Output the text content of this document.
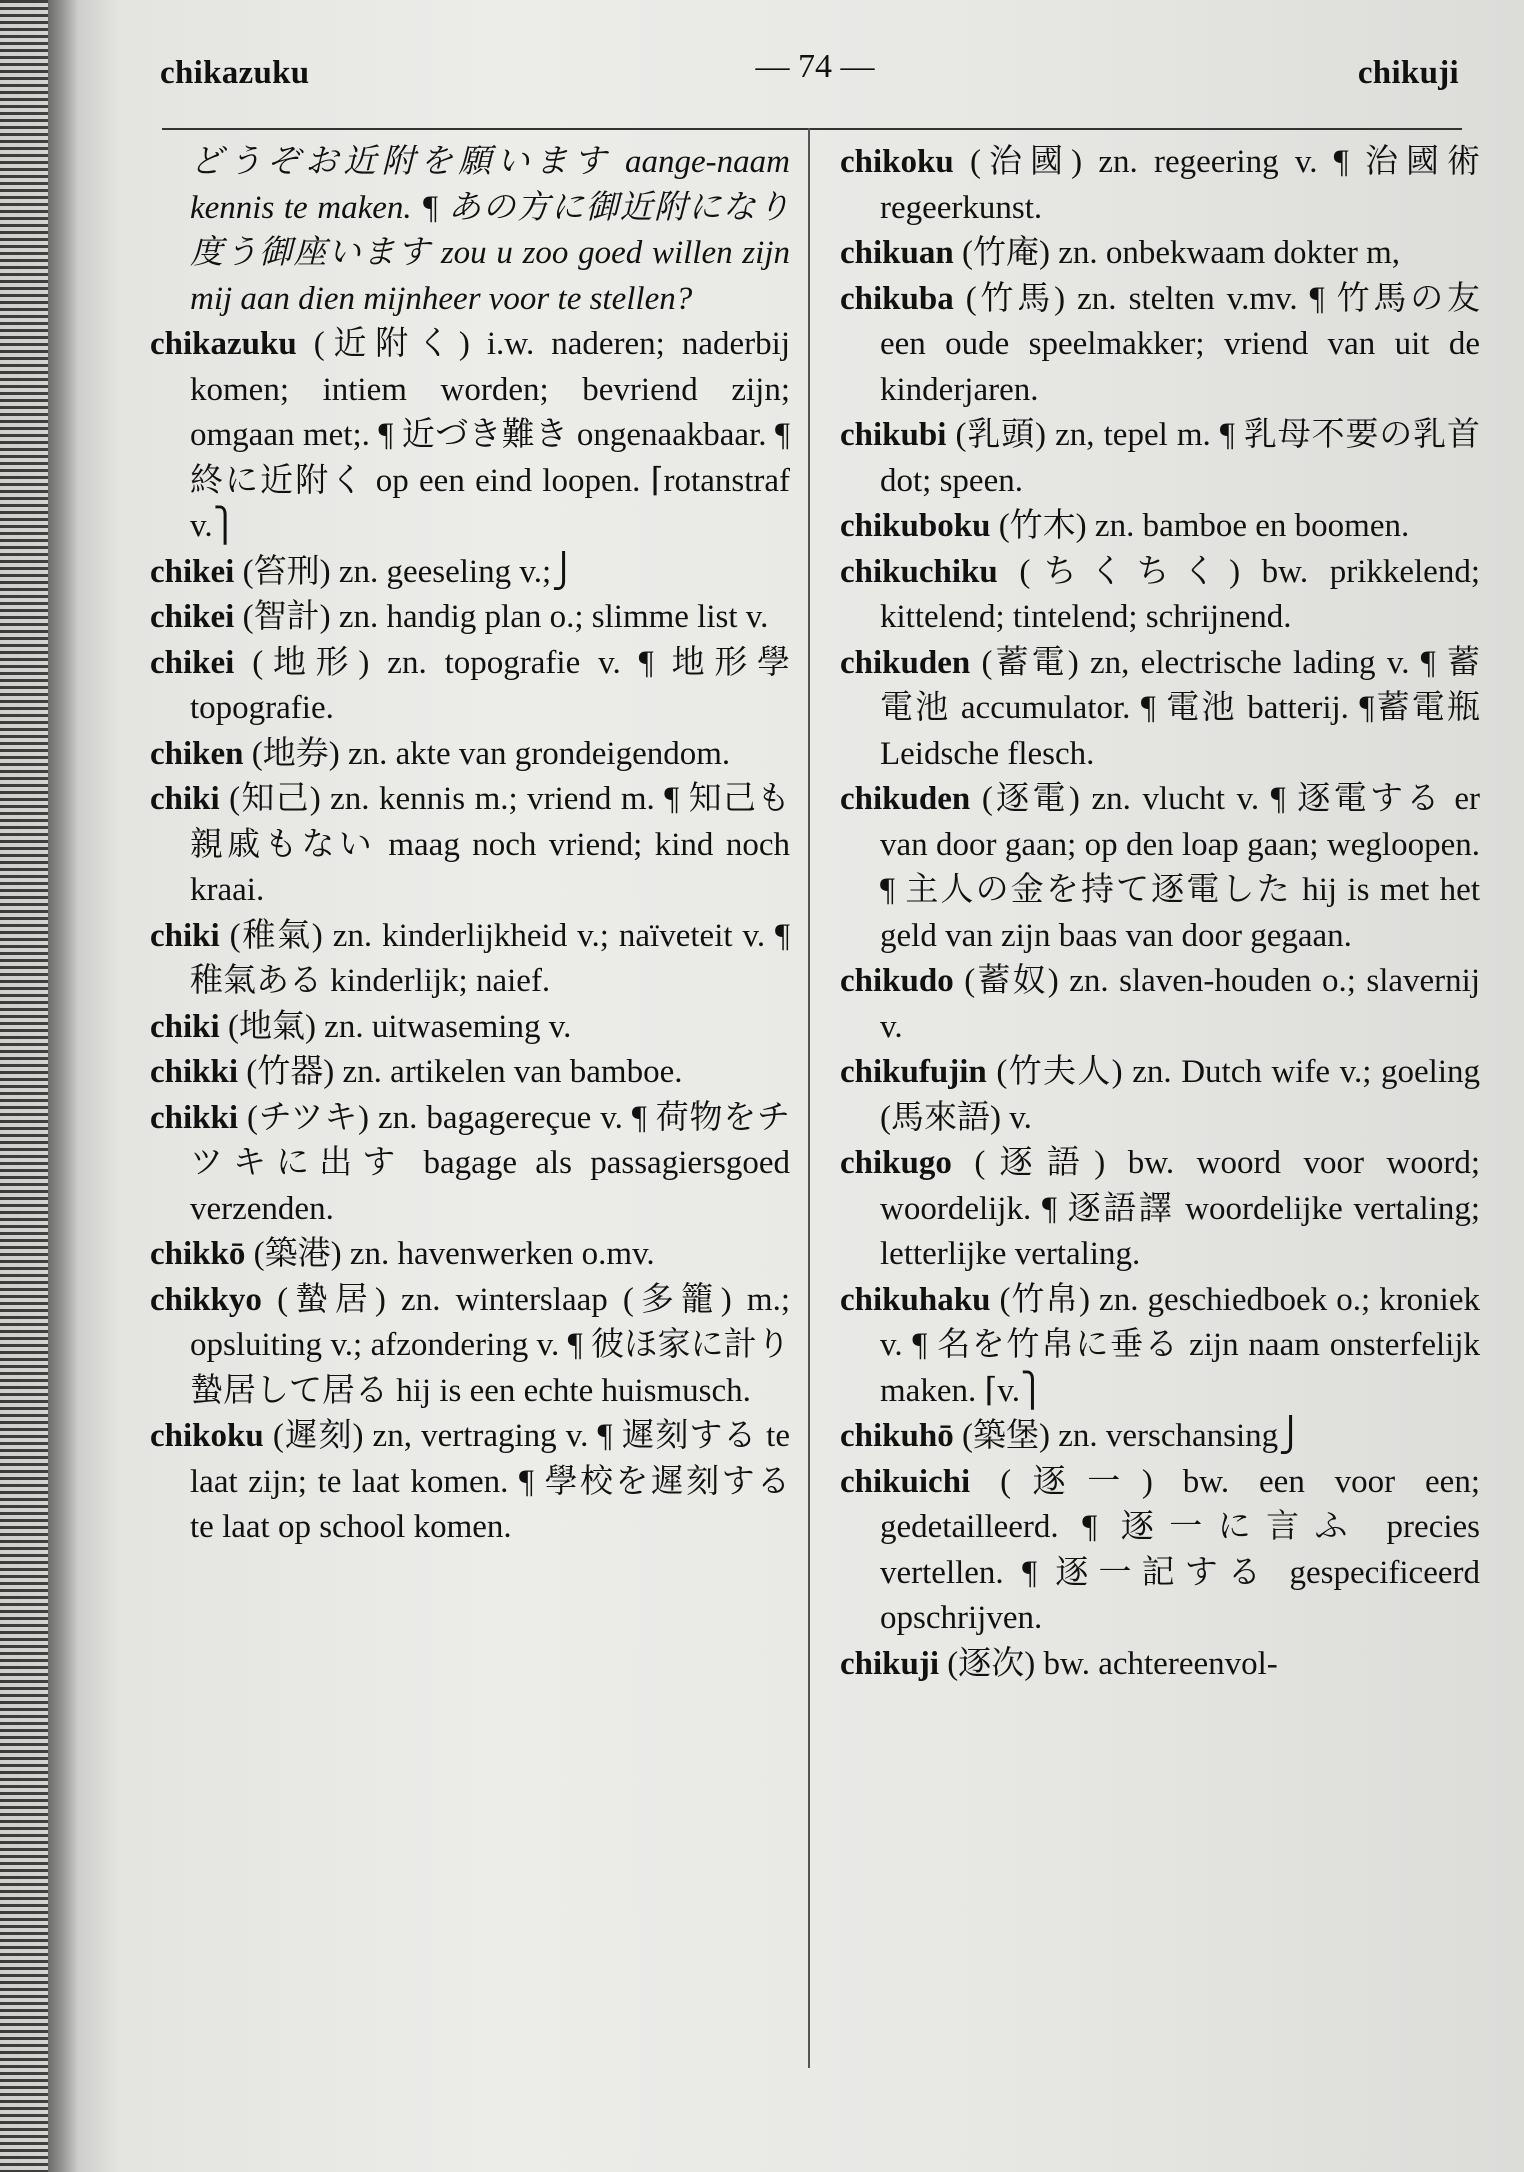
chikazuku	— 74 —	chikuji
どうぞお近附を願います aange-naam kennis te maken. ¶ あの方に御近附になり度う御座います zou u zoo goed willen zijn mij aan dien mijnheer voor te stellen?
chikazuku (近附く) i.w. naderen; naderbij komen; intiem worden; bevriend zijn; omgaan met;. ¶ 近づき難き ongenaakbaar. ¶ 終に近附く op een eind loopen. ⌈rotanstraf v.⎫
chikei (笞刑) zn. geeseling v.;⎭
chikei (智計) zn. handig plan o.; slimme list v.
chikei (地形) zn. topografie v. ¶ 地形學 topografie.
chiken (地券) zn. akte van grondeigendom.
chiki (知己) zn. kennis m.; vriend m. ¶ 知己も親戚もない maag noch vriend; kind noch kraai.
chiki (稚氣) zn. kinderlijkheid v.; naïveteit v. ¶ 稚氣ある kinderlijk; naief.
chiki (地氣) zn. uitwaseming v.
chikki (竹器) zn. artikelen van bamboe.
chikki (チツキ) zn. bagagereçue v. ¶ 荷物をチツキに出す bagage als passagiersgoed verzenden.
chikkō (築港) zn. havenwerken o.mv.
chikkyo (蟄居) zn. winterslaap (多籠) m.; opsluiting v.; afzondering v. ¶ 彼ほ家に計り蟄居して居る hij is een echte huismusch.
chikoku (遲刻) zn, vertraging v. ¶ 遲刻する te laat zijn; te laat komen. ¶ 學校を遲刻する te laat op school komen.
chikoku (治國) zn. regeering v. ¶ 治國術 regeerkunst.
chikuan (竹庵) zn. onbekwaam dokter m,
chikuba (竹馬) zn. stelten v.mv. ¶ 竹馬の友 een oude speelmakker; vriend van uit de kinderjaren.
chikubi (乳頭) zn, tepel m. ¶ 乳母不要の乳首 dot; speen.
chikuboku (竹木) zn. bamboe en boomen.
chikuchiku (ちくちく) bw. prikkelend; kittelend; tintelend; schrijnend.
chikuden (蓄電) zn, electrische lading v. ¶ 蓄電池 accumulator. ¶ 電池 batterij. ¶蓄電瓶 Leidsche flesch.
chikuden (逐電) zn. vlucht v. ¶ 逐電する er van door gaan; op den loap gaan; wegloopen. ¶ 主人の金を持て逐電した hij is met het geld van zijn baas van door gegaan.
chikudo (蓄奴) zn. slaven-houden o.; slavernij v.
chikufujin (竹夫人) zn. Dutch wife v.; goeling (馬來語) v.
chikugo (逐語) bw. woord voor woord; woordelijk. ¶ 逐語譯 woordelijke vertaling; letterlijke vertaling.
chikuhaku (竹帛) zn. geschiedboek o.; kroniek v. ¶ 名を竹帛に垂る zijn naam onsterfelijk maken. ⌈v.⎫
chikuhō (築堡) zn. verschansing⎭
chikuichi (逐一) bw. een voor een; gedetailleerd. ¶ 逐一に言ふ precies vertellen. ¶ 逐一記する gespecificeerd opschrijven.
chikuji (逐次) bw. achtereenvol-
